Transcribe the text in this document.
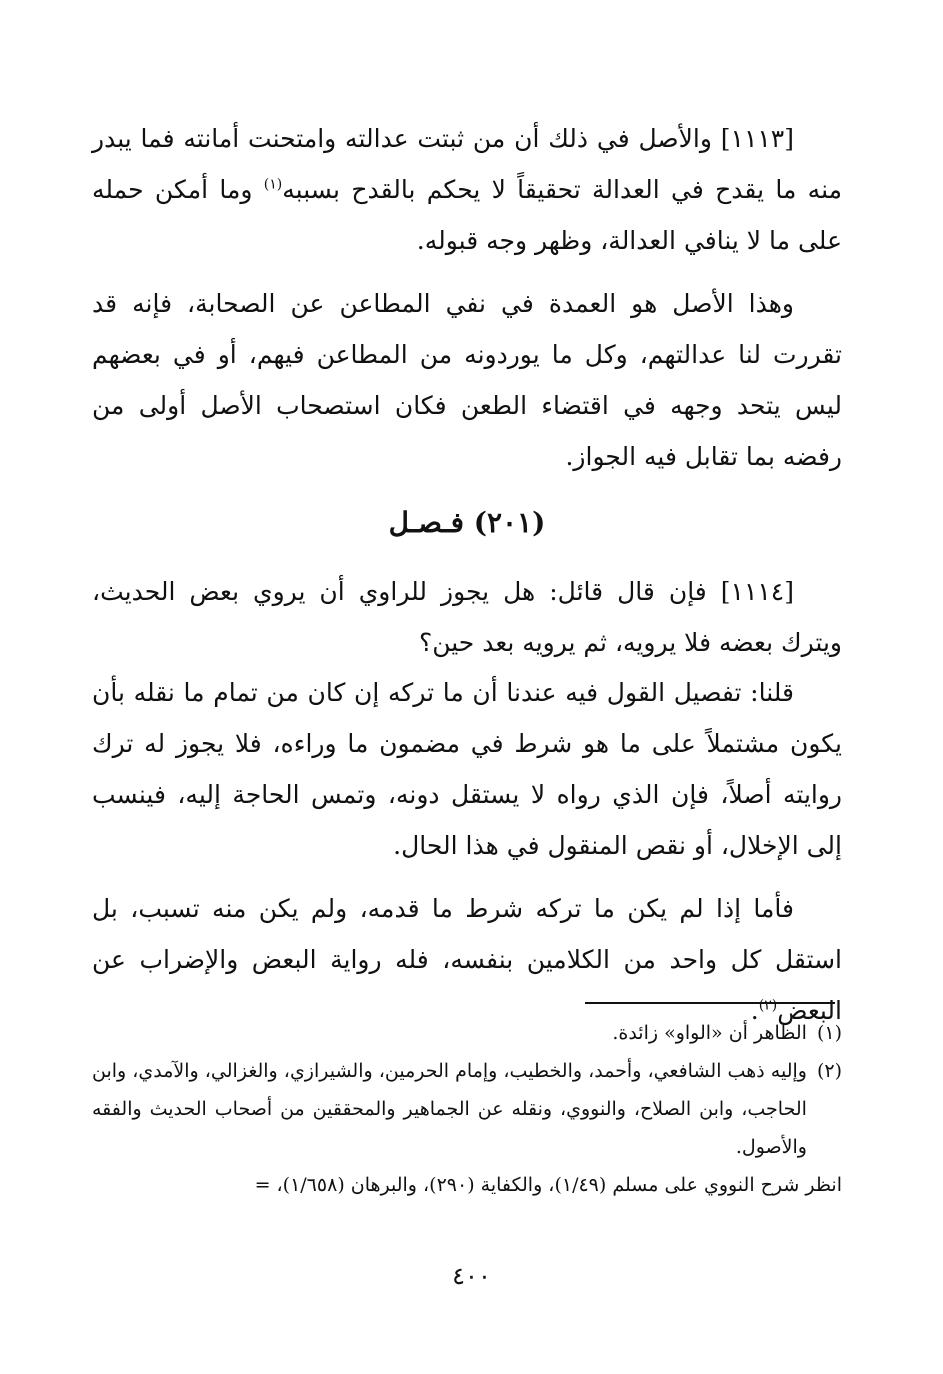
[١١١٣] والأصل في ذلك أن من ثبتت عدالته وامتحنت أمانته فما يبدر منه ما يقدح في العدالة تحقيقاً لا يحكم بالقدح بسببه$^{(١)}$ وما أمكن حمله على ما لا ينافي العدالة، وظهر وجه قبوله.

وهذا الأصل هو العمدة في نفي المطاعن عن الصحابة، فإنه قد تقررت لنا عدالتهم، وكل ما يوردونه من المطاعن فيهم، أو في بعضهم ليس يتحد وجهه في اقتضاء الطعن فكان استصحاب الأصل أولى من رفضه بما تقابل فيه الجواز.

(٢٠١) فـصـل

[١١١٤] فإن قال قائل: هل يجوز للراوي أن يروي بعض الحديث، ويترك بعضه فلا يرويه، ثم يرويه بعد حين؟

قلنا: تفصيل القول فيه عندنا أن ما تركه إن كان من تمام ما نقله بأن يكون مشتملاً على ما هو شرط في مضمون ما وراءه، فلا يجوز له ترك روايته أصلاً، فإن الذي رواه لا يستقل دونه، وتمس الحاجة إليه، فينسب إلى الإخلال، أو نقص المنقول في هذا الحال.

فأما إذا لم يكن ما تركه شرط ما قدمه، ولم يكن منه تسبب، بل استقل كل واحد من الكلامين بنفسه، فله رواية البعض والإضراب عن البعض$^{(٢)}$.

(١)
الظاهر أن «الواو» زائدة.
(٢)
وإليه ذهب الشافعي، وأحمد، والخطيب، وإمام الحرمين، والشيرازي، والغزالي، والآمدي، وابن الحاجب، وابن الصلاح، والنووي، ونقله عن الجماهير والمحققين من أصحاب الحديث والفقه والأصول.

انظر شرح النووي على مسلم (١/٤٩)، والكفاية (٢٩٠)، والبرهان (١/٦٥٨)، =

٤٠٠
